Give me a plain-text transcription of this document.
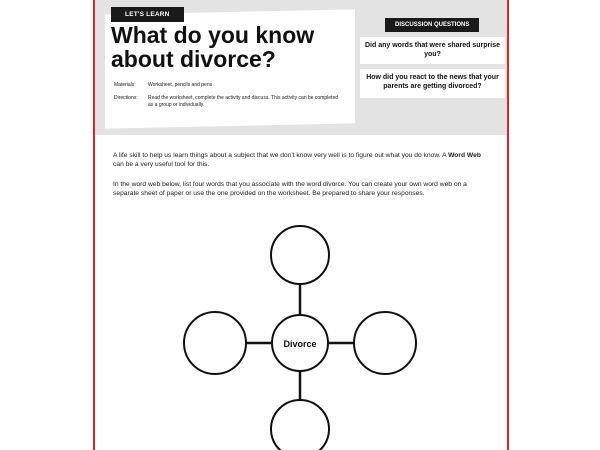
LET'S LEARN
What do you know about divorce?
Materials: Worksheet, pencils and pens
Directions: Read the worksheet, complete the activity and discuss. This activity can be completed as a group or individually.
DISCUSSION QUESTIONS
Did any words that were shared surprise you?
How did you react to the news that your parents are getting divorced?

A life skill to help us learn things about a subject that we don't know very well is to figure out what you do know. A Word Web can be a very useful tool for this.

In the word web below, list four words that you associate with the word divorce. You can create your own word web on a separate sheet of paper or use the one provided on the worksheet. Be prepared to share your responses.

Divorce
